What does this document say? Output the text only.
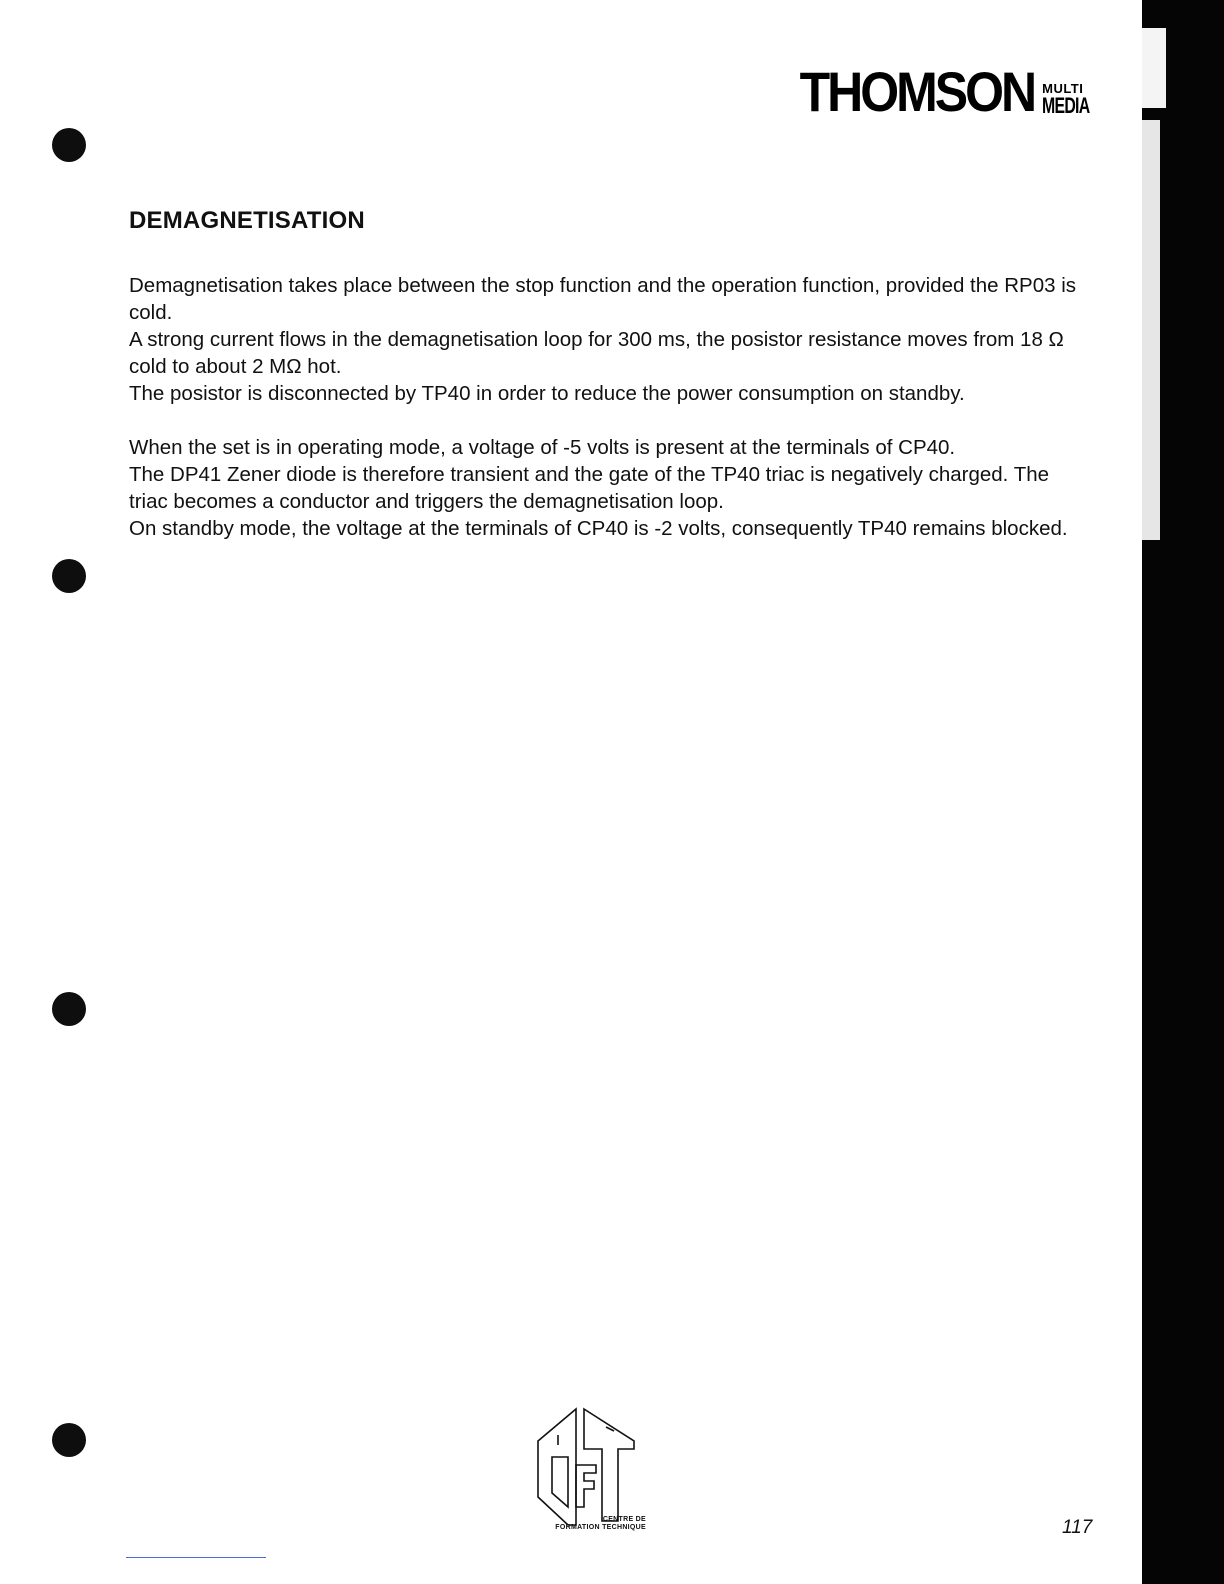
THOMSON MULTI
MEDIA
DEMAGNETISATION

Demagnetisation takes place between the stop function and the operation function, provided the RP03 is cold.

A strong current flows in the demagnetisation loop for 300 ms, the posistor resistance moves from 18 Ω cold to about 2 MΩ hot.

The posistor is disconnected by TP40 in order to reduce the power consumption on standby.

When the set is in operating mode, a voltage of -5 volts is present at the terminals of CP40.

The DP41 Zener diode is therefore transient and the gate of the TP40 triac is negatively charged. The triac becomes a conductor and triggers the demagnetisation loop.

On standby mode, the voltage at the terminals of CP40 is -2 volts, consequently TP40 remains blocked.

CENTRE DE
FORMATION TECHNIQUE	117
